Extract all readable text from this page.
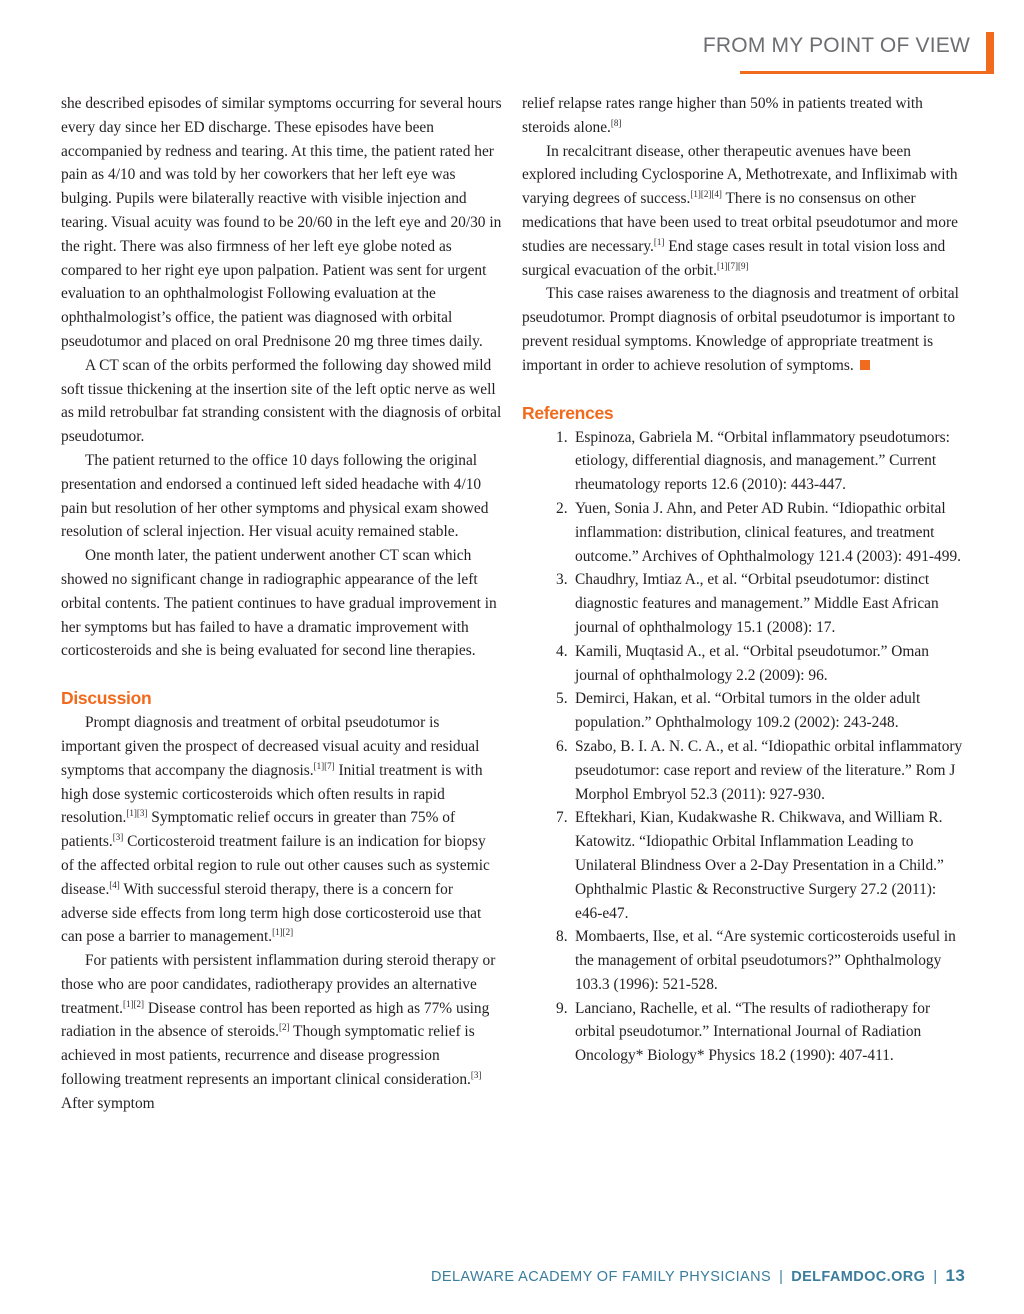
FROM MY POINT OF VIEW

she described episodes of similar symptoms occurring for several hours every day since her ED discharge. These episodes have been accompanied by redness and tearing. At this time, the patient rated her pain as 4/10 and was told by her coworkers that her left eye was bulging. Pupils were bilaterally reactive with visible injection and tearing. Visual acuity was found to be 20/60 in the left eye and 20/30 in the right. There was also firmness of her left eye globe noted as compared to her right eye upon palpation. Patient was sent for urgent evaluation to an ophthalmologist Following evaluation at the ophthalmologist’s office, the patient was diagnosed with orbital pseudotumor and placed on oral Prednisone 20 mg three times daily.

A CT scan of the orbits performed the following day showed mild soft tissue thickening at the insertion site of the left optic nerve as well as mild retrobulbar fat stranding consistent with the diagnosis of orbital pseudotumor.

The patient returned to the office 10 days following the original presentation and endorsed a continued left sided headache with 4/10 pain but resolution of her other symptoms and physical exam showed resolution of scleral injection. Her visual acuity remained stable.

One month later, the patient underwent another CT scan which showed no significant change in radiographic appearance of the left orbital contents. The patient continues to have gradual improvement in her symptoms but has failed to have a dramatic improvement with corticosteroids and she is being evaluated for second line therapies.

Discussion

Prompt diagnosis and treatment of orbital pseudotumor is important given the prospect of decreased visual acuity and residual symptoms that accompany the diagnosis.[1][7] Initial treatment is with high dose systemic corticosteroids which often results in rapid resolution.[1][3] Symptomatic relief occurs in greater than 75% of patients.[3] Corticosteroid treatment failure is an indication for biopsy of the affected orbital region to rule out other causes such as systemic disease.[4] With successful steroid therapy, there is a concern for adverse side effects from long term high dose corticosteroid use that can pose a barrier to management.[1][2]

For patients with persistent inflammation during steroid therapy or those who are poor candidates, radiotherapy provides an alternative treatment.[1][2] Disease control has been reported as high as 77% using radiation in the absence of steroids.[2] Though symptomatic relief is achieved in most patients, recurrence and disease progression following treatment represents an important clinical consideration.[3] After symptom

relief relapse rates range higher than 50% in patients treated with steroids alone.[8]

In recalcitrant disease, other therapeutic avenues have been explored including Cyclosporine A, Methotrexate, and Infliximab with varying degrees of success.[1][2][4] There is no consensus on other medications that have been used to treat orbital pseudotumor and more studies are necessary.[1] End stage cases result in total vision loss and surgical evacuation of the orbit.[1][7][9]

This case raises awareness to the diagnosis and treatment of orbital pseudotumor. Prompt diagnosis of orbital pseudotumor is important to prevent residual symptoms. Knowledge of appropriate treatment is important in order to achieve resolution of symptoms.

References
1. Espinoza, Gabriela M. “Orbital inflammatory pseudotumors: etiology, differential diagnosis, and management.” Current rheumatology reports 12.6 (2010): 443-447.
2. Yuen, Sonia J. Ahn, and Peter AD Rubin. “Idiopathic orbital inflammation: distribution, clinical features, and treatment outcome.” Archives of Ophthalmology 121.4 (2003): 491-499.
3. Chaudhry, Imtiaz A., et al. “Orbital pseudotumor: distinct diagnostic features and management.” Middle East African journal of ophthalmology 15.1 (2008): 17.
4. Kamili, Muqtasid A., et al. “Orbital pseudotumor.” Oman journal of ophthalmology 2.2 (2009): 96.
5. Demirci, Hakan, et al. “Orbital tumors in the older adult population.” Ophthalmology 109.2 (2002): 243-248.
6. Szabo, B. I. A. N. C. A., et al. “Idiopathic orbital inflammatory pseudotumor: case report and review of the literature.” Rom J Morphol Embryol 52.3 (2011): 927-930.
7. Eftekhari, Kian, Kudakwashe R. Chikwava, and William R. Katowitz. “Idiopathic Orbital Inflammation Leading to Unilateral Blindness Over a 2-Day Presentation in a Child.” Ophthalmic Plastic & Reconstructive Surgery 27.2 (2011): e46-e47.
8. Mombaerts, Ilse, et al. “Are systemic corticosteroids useful in the management of orbital pseudotumors?” Ophthalmology 103.3 (1996): 521-528.
9. Lanciano, Rachelle, et al. “The results of radiotherapy for orbital pseudotumor.” International Journal of Radiation Oncology* Biology* Physics 18.2 (1990): 407-411.
DELAWARE ACADEMY OF FAMILY PHYSICIANS | DELFAMDOC.ORG | 13
